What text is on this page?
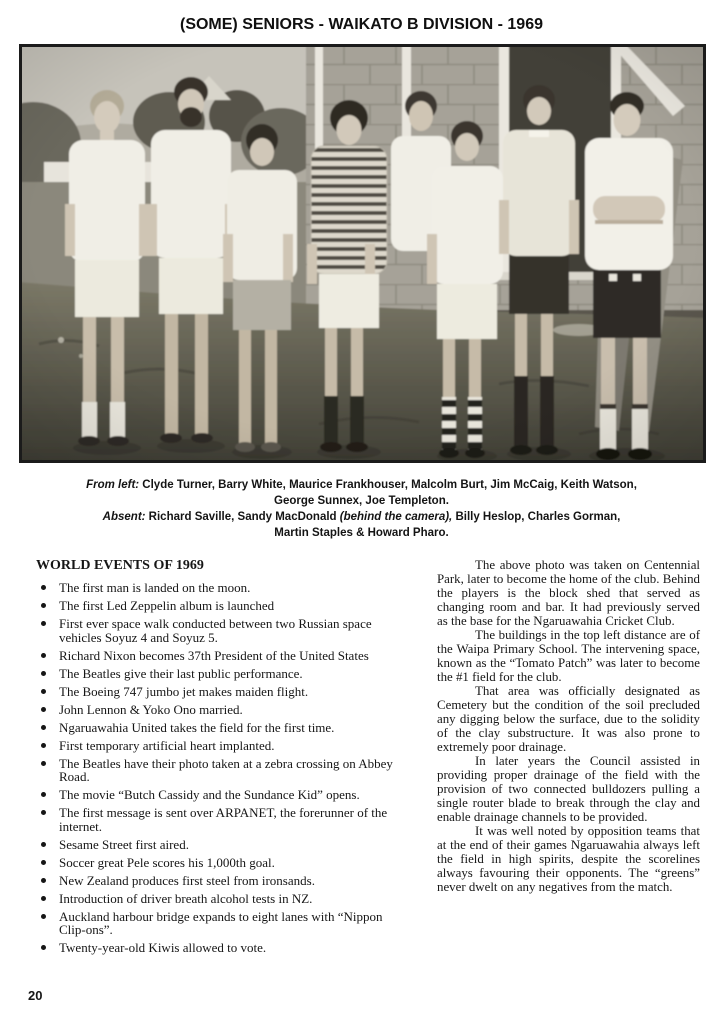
(SOME) SENIORS - WAIKATO B DIVISION - 1969
From left: Clyde Turner, Barry White, Maurice Frankhouser, Malcolm Burt, Jim McCaig, Keith Watson,
George Sunnex, Joe Templeton.
Absent: Richard Saville, Sandy MacDonald (behind the camera), Billy Heslop, Charles Gorman,
Martin Staples & Howard Pharo.
WORLD EVENTS OF 1969
The first man is landed on the moon.
The first Led Zeppelin album is launched
First ever space walk conducted between two Russian space vehicles Soyuz 4 and Soyuz 5.
Richard Nixon becomes 37th President of the United States
The Beatles give their last public performance.
The Boeing 747 jumbo jet makes maiden flight.
John Lennon & Yoko Ono married.
Ngaruawahia United takes the field for the first time.
First temporary artificial heart implanted.
The Beatles have their photo taken at a zebra crossing on Abbey Road.
The movie “Butch Cassidy and the Sundance Kid” opens.
The first message is sent over ARPANET, the forerunner of the internet.
Sesame Street first aired.
Soccer great Pele scores his 1,000th goal.
New Zealand produces first steel from ironsands.
Introduction of driver breath alcohol tests in NZ.
Auckland harbour bridge expands to eight lanes with “Nippon Clip-ons”.
Twenty-year-old Kiwis allowed to vote.

The above photo was taken on Centennial Park, later to become the home of the club. Behind the players is the block shed that served as changing room and bar. It had previously served as the base for the Ngaruawahia Cricket Club.

The buildings in the top left distance are of the Waipa Primary School. The intervening space, known as the “Tomato Patch” was later to become the #1 field for the club.

That area was officially designated as Cemetery but the condition of the soil precluded any digging below the surface, due to the solidity of the clay substructure. It was also prone to extremely poor drainage.

In later years the Council assisted in providing proper drainage of the field with the provision of two connected bulldozers pulling a single router blade to break through the clay and enable drainage channels to be provided.

It was well noted by opposition teams that at the end of their games Ngaruawahia always left the field in high spirits, despite the scorelines always favouring their opponents. The “greens” never dwelt on any negatives from the match.

20
